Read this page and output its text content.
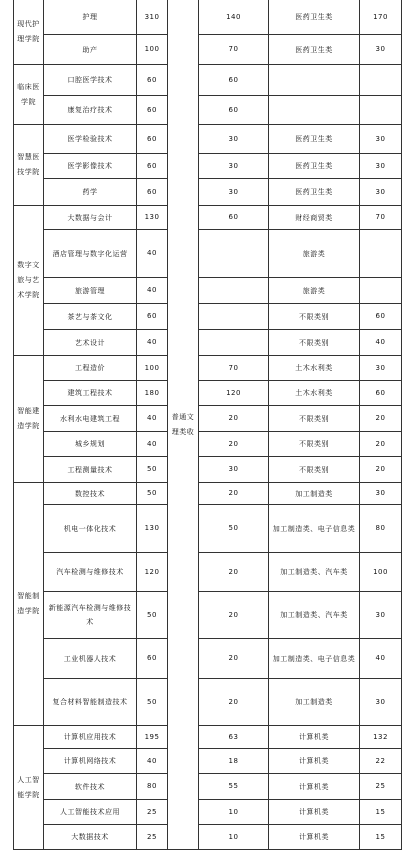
现代护理学院	护理	310	普通文理类收	140	医药卫生类	170
	助产	100		70	医药卫生类	30
临床医学院	口腔医学技术	60		60		
	康复治疗技术	60		60		
智慧医技学院	医学检验技术	60		30	医药卫生类	30
	医学影像技术	60		30	医药卫生类	30
	药学	60		30	医药卫生类	30
数字文旅与艺术学院	大数据与会计	130		60	财经商贸类	70
	酒店管理与数字化运营	40			旅游类	
	旅游管理	40			旅游类	
	茶艺与茶文化	60			不限类别	60
	艺术设计	40			不限类别	40
智能建造学院	工程造价	100		70	土木水利类	30
	建筑工程技术	180		120	土木水利类	60
	水利水电建筑工程	40		20	不限类别	20
	城乡规划	40		20	不限类别	20
	工程测量技术	50		30	不限类别	20
智能制造学院	数控技术	50		20	加工制造类	30
	机电一体化技术	130		50	加工制造类、电子信息类	80
	汽车检测与维修技术	120		20	加工制造类、汽车类	100
	新能源汽车检测与维修技术	50		20	加工制造类、汽车类	30
	工业机器人技术	60		20	加工制造类、电子信息类	40
	复合材料智能制造技术	50		20	加工制造类	30
人工智能学院	计算机应用技术	195		63	计算机类	132
	计算机网络技术	40		18	计算机类	22
	软件技术	80		55	计算机类	25
	人工智能技术应用	25		10	计算机类	15
	大数据技术	25		10	计算机类	15
